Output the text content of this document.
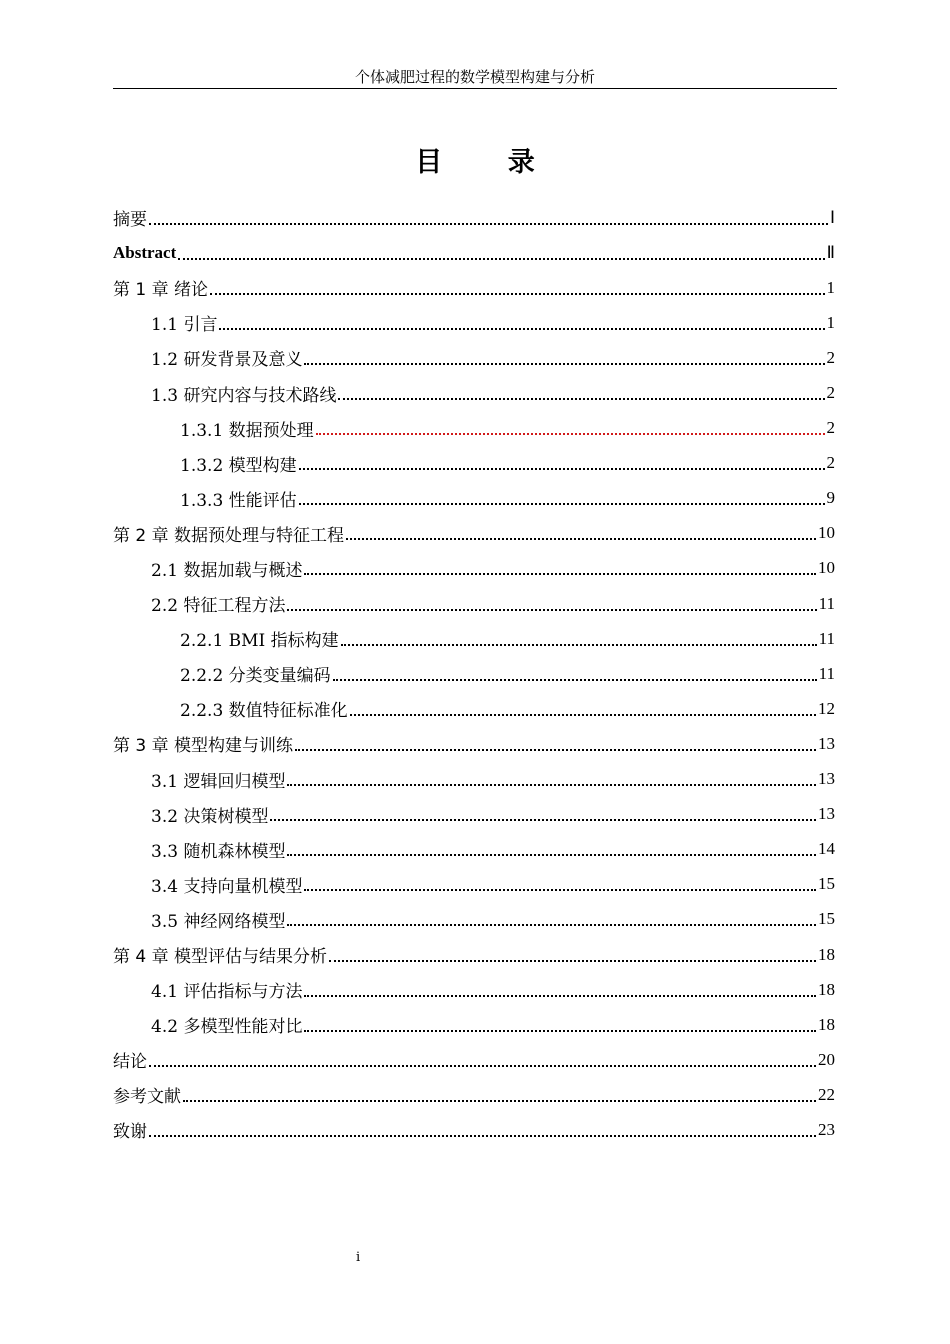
个体减肥过程的数学模型构建与分析
目 录
摘要	Ⅰ
Abstract	Ⅱ
第 1 章 绪论	1
1.1 引言	1
1.2 研发背景及意义	2
1.3 研究内容与技术路线	2
1.3.1 数据预处理	2
1.3.2 模型构建	2
1.3.3 性能评估	9
第 2 章 数据预处理与特征工程	10
2.1 数据加载与概述	10
2.2 特征工程方法	11
2.2.1 BMI 指标构建	11
2.2.2 分类变量编码	11
2.2.3 数值特征标准化	12
第 3 章 模型构建与训练	13
3.1 逻辑回归模型	13
3.2 决策树模型	13
3.3 随机森林模型	14
3.4 支持向量机模型	15
3.5 神经网络模型	15
第 4 章 模型评估与结果分析	18
4.1 评估指标与方法	18
4.2 多模型性能对比	18
结论	20
参考文献	22
致谢	23
i
